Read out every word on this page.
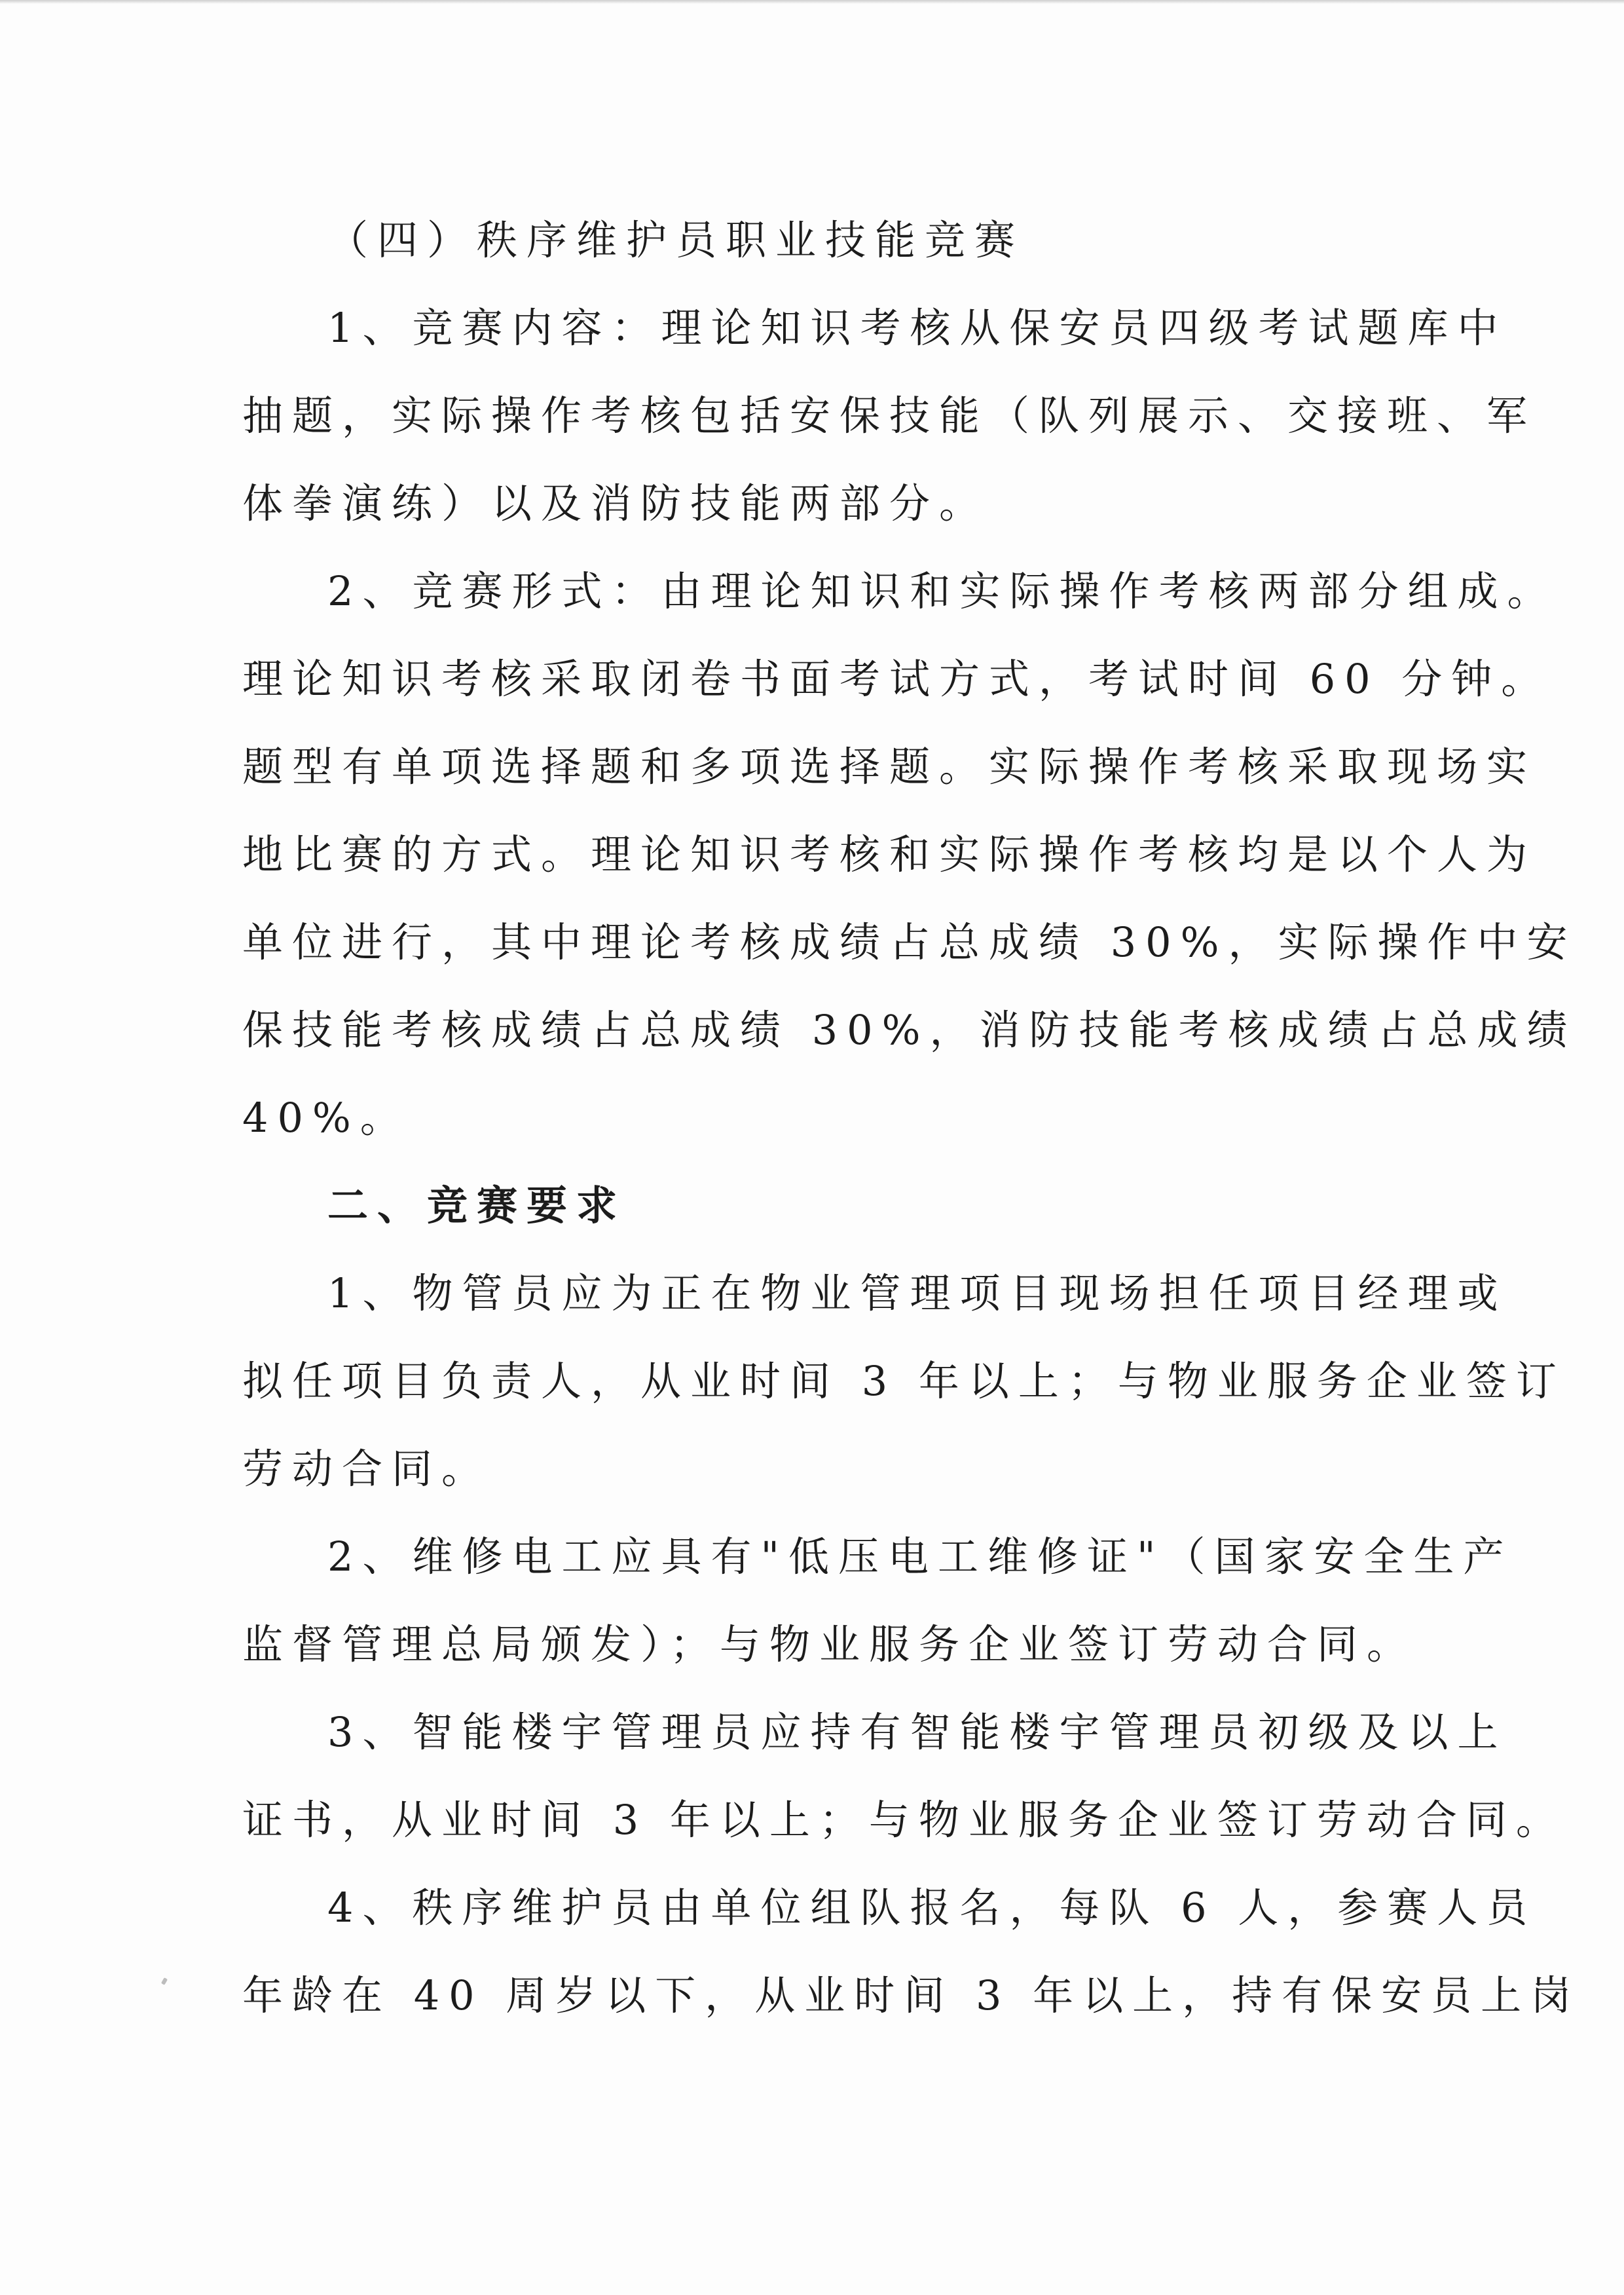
（四）秩序维护员职业技能竞赛
1、竞赛内容：理论知识考核从保安员四级考试题库中
抽题，实际操作考核包括安保技能（队列展示、交接班、军
体拳演练）以及消防技能两部分。
2、竞赛形式：由理论知识和实际操作考核两部分组成。
理论知识考核采取闭卷书面考试方式，考试时间 60 分钟。
题型有单项选择题和多项选择题。实际操作考核采取现场实
地比赛的方式。理论知识考核和实际操作考核均是以个人为
单位进行，其中理论考核成绩占总成绩 30%，实际操作中安
保技能考核成绩占总成绩 30%，消防技能考核成绩占总成绩
40%。
二、竞赛要求
1、物管员应为正在物业管理项目现场担任项目经理或
拟任项目负责人，从业时间 3 年以上；与物业服务企业签订
劳动合同。
2、维修电工应具有"低压电工维修证"（国家安全生产
监督管理总局颁发）；与物业服务企业签订劳动合同。
3、智能楼宇管理员应持有智能楼宇管理员初级及以上
证书，从业时间 3 年以上；与物业服务企业签订劳动合同。
4、秩序维护员由单位组队报名，每队 6 人，参赛人员
年龄在 40 周岁以下，从业时间 3 年以上，持有保安员上岗
